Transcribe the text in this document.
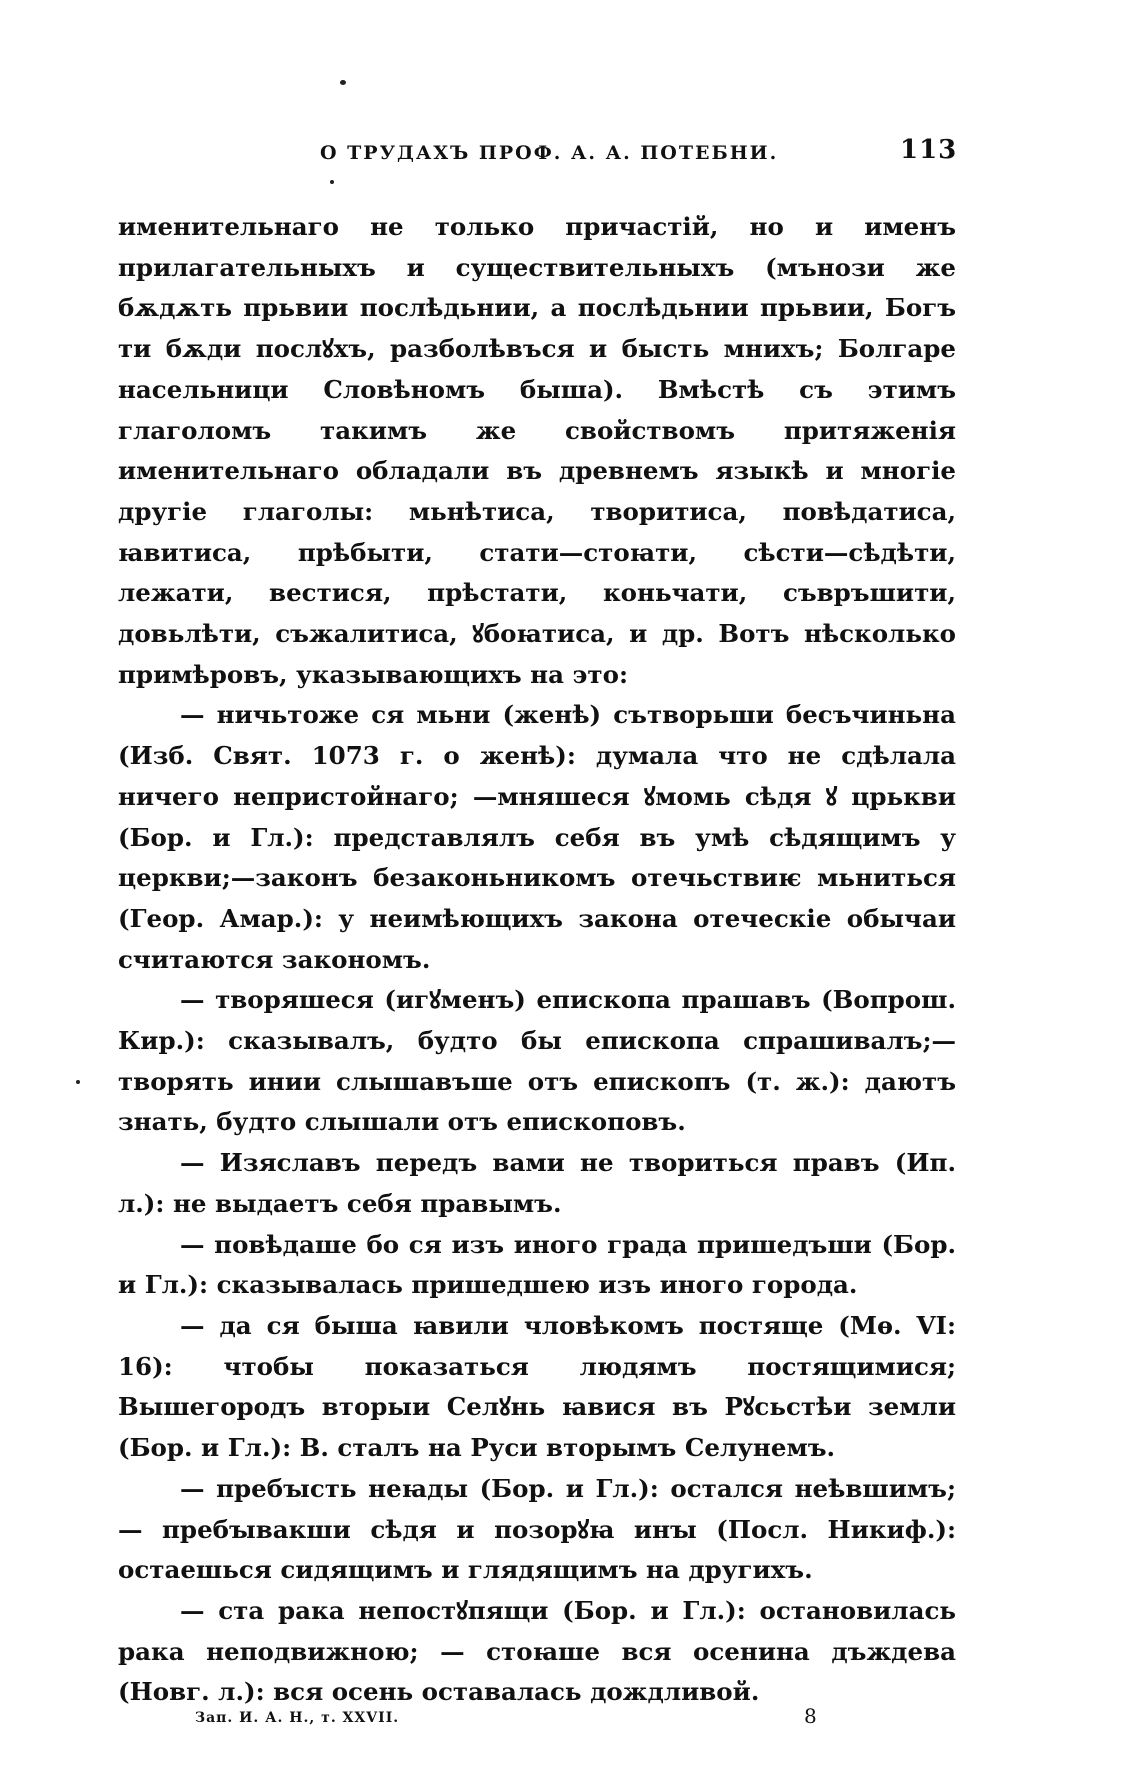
О ТРУДАХЪ ПРОФ. А. А. ПОТЕБНИ.	113

именительнаго не только причастій, но и именъ прилагательныхъ и существительныхъ (мънози же бѫдѫть прьвии послѣдьнии, а послѣдьнии прьвии, Богъ ти бѫди послꙋхъ, разболѣвъся и бысть мнихъ; Болгаре насельници Словѣномъ быша). Вмѣстѣ съ этимъ глаголомъ такимъ же свойствомъ притяженія именительнаго обладали въ древнемъ языкѣ и многіе другіе глаголы: мьнѣтиса, творитиса, повѣдатиса, ꙗвитиса, прѣбыти, стати—стоꙗти, сѣсти—сѣдѣти, лежати, вестися, прѣстати, коньчати, съвръшити, довьлѣти, съжалитиса, ꙋбоꙗтиса, и др. Вотъ нѣсколько примѣровъ, указывающихъ на это:

— ничьтоже ся мьни (женѣ) сътворьши бесъчиньна (Изб. Свят. 1073 г. о женѣ): думала что не сдѣлала ничего непристойнаго; —мняшеся ꙋмомь сѣдя ꙋ црькви (Бор. и Гл.): представлялъ себя въ умѣ сѣдящимъ у церкви;—законъ безаконьникомъ отечьствиѥ мьниться (Геор. Амар.): у неимѣющихъ закона отеческіе обычаи считаются закономъ.

— творяшеся (игꙋменъ) епископа прашавъ (Вопрош. Кир.): сказывалъ, будто бы епископа спрашивалъ;—творять инии слышавъше отъ епископъ (т. ж.): даютъ знать, будто слышали отъ епископовъ.

— Изяславъ передъ вами не твориться правъ (Ип. л.): не выдаетъ себя правымъ.

— повѣдаше бо ся изъ иного града пришедъши (Бор. и Гл.): сказывалась пришедшею изъ иного города.

— да ся быша ꙗвили чловѣкомъ постяще (Мѳ. VI: 16): чтобы показаться людямъ постящимися; Вышегородъ вторыи Селꙋнь ꙗвися въ Рꙋсьстѣи земли (Бор. и Гл.): В. сталъ на Руси вторымъ Селунемъ.

— пребꙑсть неꙗды (Бор. и Гл.): остался неѣвшимъ; — пребꙑвакши сѣдя и позорꙋꙗ инꙑ (Посл. Никиф.): остаешься сидящимъ и глядящимъ на другихъ.

— ста рака непостꙋпящи (Бор. и Гл.): остановилась рака неподвижною; — стоꙗше вся осенина дъждева (Новг. л.): вся осень оставалась дождливой.

Зап. И. А. Н., т. XXVII.	8
